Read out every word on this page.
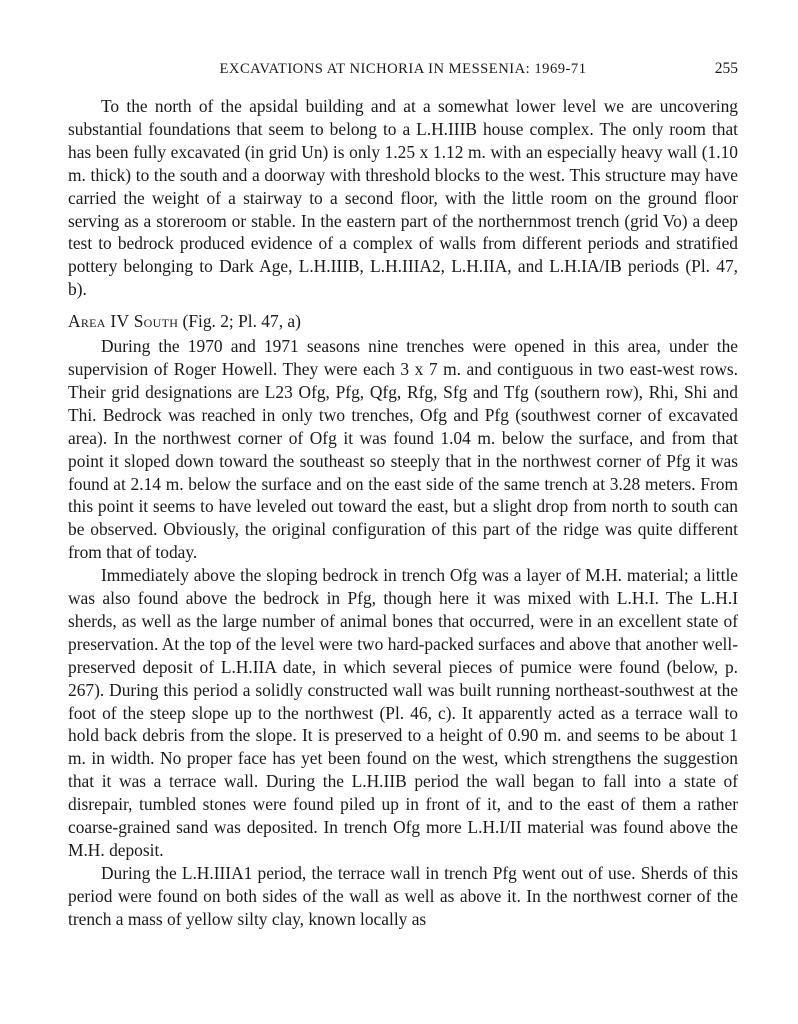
EXCAVATIONS AT NICHORIA IN MESSENIA: 1969-71	255

To the north of the apsidal building and at a somewhat lower level we are uncovering substantial foundations that seem to belong to a L.H.IIIB house complex. The only room that has been fully excavated (in grid Un) is only 1.25 x 1.12 m. with an especially heavy wall (1.10 m. thick) to the south and a doorway with threshold blocks to the west. This structure may have carried the weight of a stairway to a second floor, with the little room on the ground floor serving as a storeroom or stable. In the eastern part of the northernmost trench (grid Vo) a deep test to bedrock produced evidence of a complex of walls from different periods and stratified pottery belonging to Dark Age, L.H.IIIB, L.H.IIIA2, L.H.IIA, and L.H.IA/IB periods (Pl. 47, b).

Area IV South (Fig. 2; Pl. 47, a)

During the 1970 and 1971 seasons nine trenches were opened in this area, under the supervision of Roger Howell. They were each 3 x 7 m. and contiguous in two east-west rows. Their grid designations are L23 Ofg, Pfg, Qfg, Rfg, Sfg and Tfg (southern row), Rhi, Shi and Thi. Bedrock was reached in only two trenches, Ofg and Pfg (southwest corner of excavated area). In the northwest corner of Ofg it was found 1.04 m. below the surface, and from that point it sloped down toward the southeast so steeply that in the northwest corner of Pfg it was found at 2.14 m. below the surface and on the east side of the same trench at 3.28 meters. From this point it seems to have leveled out toward the east, but a slight drop from north to south can be observed. Obviously, the original configuration of this part of the ridge was quite different from that of today.

Immediately above the sloping bedrock in trench Ofg was a layer of M.H. material; a little was also found above the bedrock in Pfg, though here it was mixed with L.H.I. The L.H.I sherds, as well as the large number of animal bones that occurred, were in an excellent state of preservation. At the top of the level were two hard-packed surfaces and above that another well-preserved deposit of L.H.IIA date, in which several pieces of pumice were found (below, p. 267). During this period a solidly constructed wall was built running northeast-southwest at the foot of the steep slope up to the northwest (Pl. 46, c). It apparently acted as a terrace wall to hold back debris from the slope. It is preserved to a height of 0.90 m. and seems to be about 1 m. in width. No proper face has yet been found on the west, which strengthens the suggestion that it was a terrace wall. During the L.H.IIB period the wall began to fall into a state of disrepair, tumbled stones were found piled up in front of it, and to the east of them a rather coarse-grained sand was deposited. In trench Ofg more L.H.I/II material was found above the M.H. deposit.

During the L.H.IIIA1 period, the terrace wall in trench Pfg went out of use. Sherds of this period were found on both sides of the wall as well as above it. In the northwest corner of the trench a mass of yellow silty clay, known locally as
